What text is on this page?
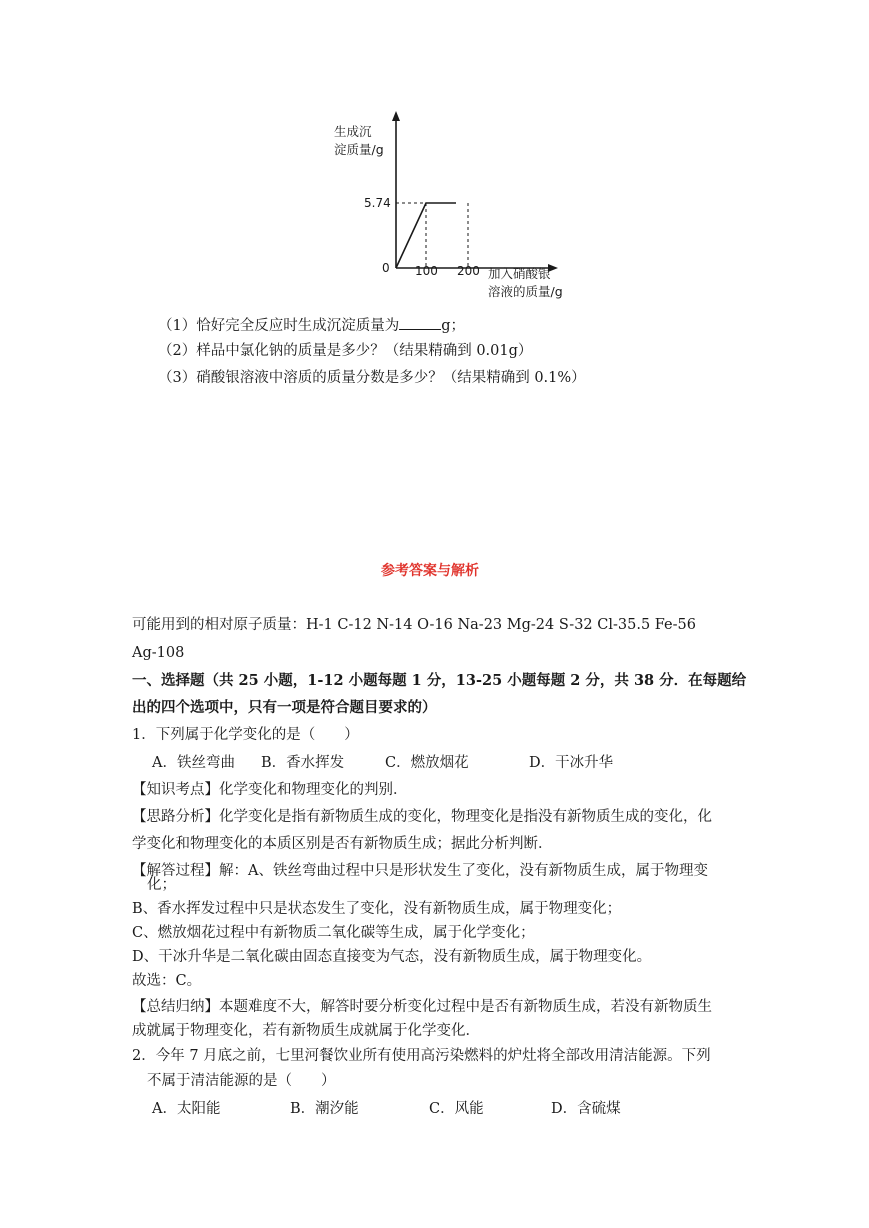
生成沉
淀质量/g
5.74
0 100 200 加入硝酸银
溶液的质量/g
（1）恰好完全反应时生成沉淀质量为	g；
（2）样品中氯化钠的质量是多少？（结果精确到 0.01g）
（3）硝酸银溶液中溶质的质量分数是多少？（结果精确到 0.1%）
参考答案与解析
可能用到的相对原子质量：H-1 C-12 N-14 O-16 Na-23 Mg-24 S-32 Cl-35.5 Fe-56
Ag-108
一、选择题（共 25 小题，1-12 小题每题 1 分，13-25 小题每题 2 分，共 38 分．在每题给
出的四个选项中，只有一项是符合题目要求的）
1．下列属于化学变化的是（　　）
A．铁丝弯曲 B．香水挥发	C．燃放烟花	D．干冰升华
【知识考点】化学变化和物理变化的判别．
【思路分析】化学变化是指有新物质生成的变化，物理变化是指没有新物质生成的变化，化
学变化和物理变化的本质区别是否有新物质生成；据此分析判断．
【解答过程】解：A、铁丝弯曲过程中只是形状发生了变化，没有新物质生成，属于物理变
化；
B、香水挥发过程中只是状态发生了变化，没有新物质生成，属于物理变化；
C、燃放烟花过程中有新物质二氧化碳等生成，属于化学变化；
D、干冰升华是二氧化碳由固态直接变为气态，没有新物质生成，属于物理变化。
故选：C。
【总结归纳】本题难度不大，解答时要分析变化过程中是否有新物质生成，若没有新物质生
成就属于物理变化，若有新物质生成就属于化学变化．
2．今年 7 月底之前，七里河餐饮业所有使用高污染燃料的炉灶将全部改用清洁能源。下列
不属于清洁能源的是（　　）
A．太阳能	B．潮汐能	C．风能	D．含硫煤
